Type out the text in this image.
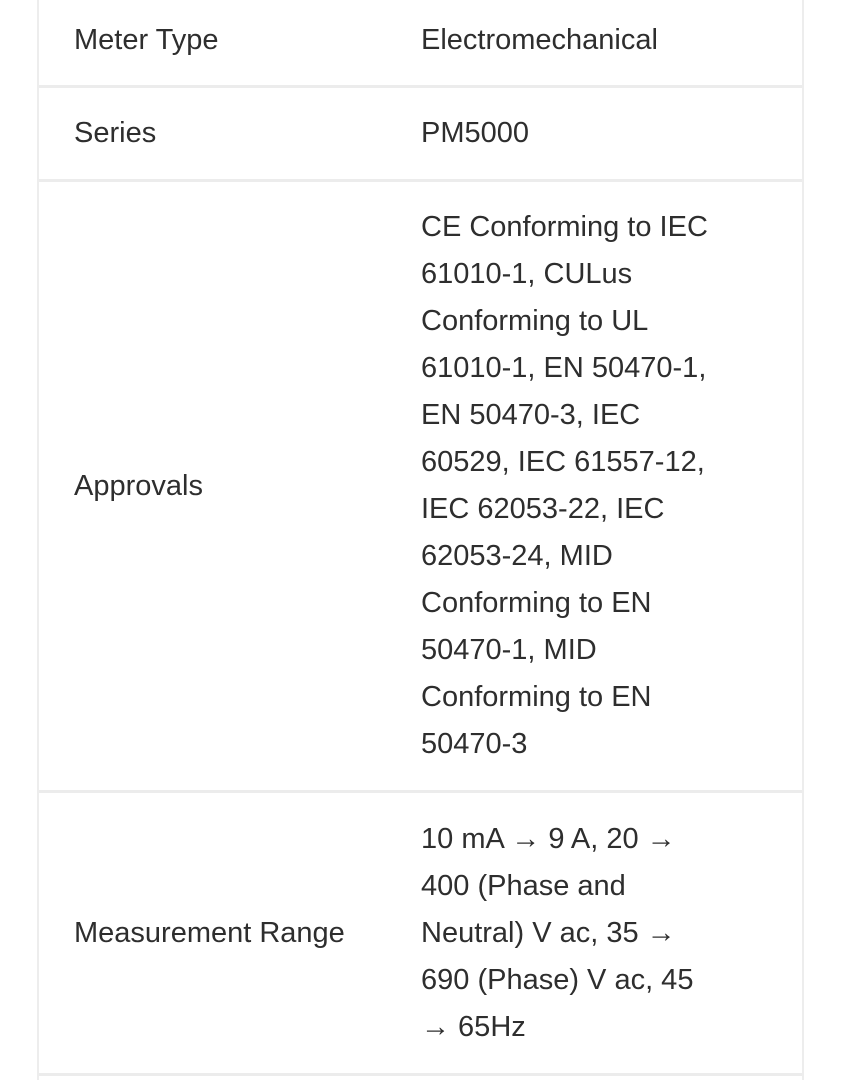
Meter Type	Electromechanical
Series	PM5000
Approvals
CE Conforming to IEC
61010-1, CULus
Conforming to UL
61010-1, EN 50470-1,
EN 50470-3, IEC
60529, IEC 61557-12,
IEC 62053-22, IEC
62053-24, MID
Conforming to EN
50470-1, MID
Conforming to EN
50470-3
Measurement Range
10 mA → 9 A, 20 →
400 (Phase and
Neutral) V ac, 35 →
690 (Phase) V ac, 45
→ 65Hz
